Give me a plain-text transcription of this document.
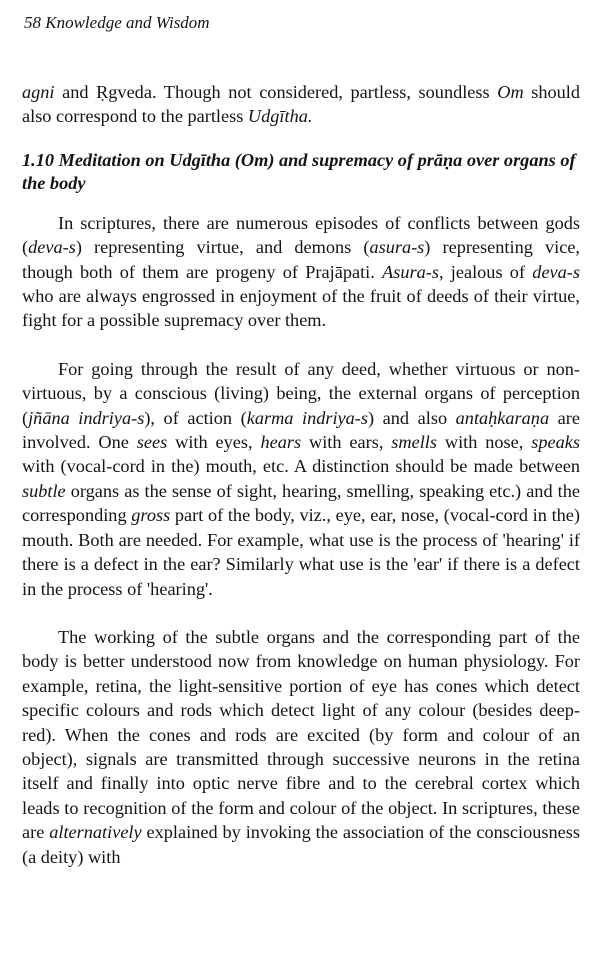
58 Knowledge and Wisdom

agni and Ṛgveda. Though not considered, partless, soundless Om should also correspond to the partless Udgītha.

1.10 Meditation on Udgītha (Om) and supremacy of prāṇa over organs of the body

In scriptures, there are numerous episodes of conflicts between gods (deva-s) representing virtue, and demons (asura-s) representing vice, though both of them are progeny of Prajāpati. Asura-s, jealous of deva-s who are always engrossed in enjoyment of the fruit of deeds of their virtue, fight for a possible supremacy over them.

For going through the result of any deed, whether virtuous or non-virtuous, by a conscious (living) being, the external organs of perception (jñāna indriya-s), of action (karma indriya-s) and also antaḥkaraṇa are involved. One sees with eyes, hears with ears, smells with nose, speaks with (vocal-cord in the) mouth, etc. A distinction should be made between subtle organs as the sense of sight, hearing, smelling, speaking etc.) and the corresponding gross part of the body, viz., eye, ear, nose, (vocal-cord in the) mouth. Both are needed. For example, what use is the process of 'hearing' if there is a defect in the ear? Similarly what use is the 'ear' if there is a defect in the process of 'hearing'.

The working of the subtle organs and the corresponding part of the body is better understood now from knowledge on human physiology. For example, retina, the light-sensitive portion of eye has cones which detect specific colours and rods which detect light of any colour (besides deep-red). When the cones and rods are excited (by form and colour of an object), signals are transmitted through successive neurons in the retina itself and finally into optic nerve fibre and to the cerebral cortex which leads to recognition of the form and colour of the object. In scriptures, these are alternatively explained by invoking the association of the consciousness (a deity) with
